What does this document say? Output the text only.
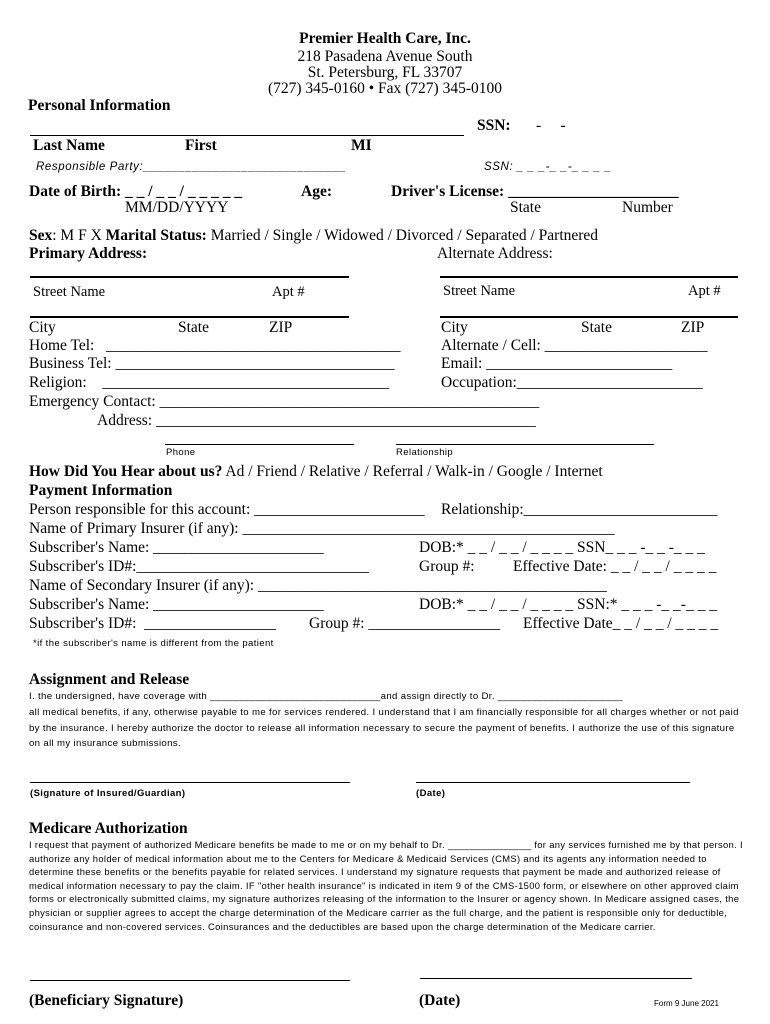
Premier Health Care, Inc.
218 Pasadena Avenue South
St. Petersburg, FL 33707
(727) 345-0160 • Fax (727) 345-0100
Personal Information
SSN: -     -
Last Name	First	MI
Responsible Party:_____________________________	SSN: _ _ _-_ _-_ _ _ _
Date of Birth: _ _ / _ _ / _ _ _ _ _
MM/DD/YYYY
Age:	Driver's License: ______________________
State	Number
Sex: M F X Marital Status: Married / Single / Widowed / Divorced / Separated / Partnered
Primary Address:	Alternate Address:
Street Name	Apt #	Street Name	Apt #
City	State	ZIP	City	State	ZIP
Home Tel:   ______________________________________	Alternate / Cell: _____________________
Business Tel: ____________________________________	Email: ________________________
Religion:    _____________________________________	Occupation:________________________
Emergency Contact: _________________________________________________
Address: _________________________________________________
Phone	Relationship
How Did You Hear about us? Ad / Friend / Relative / Referral / Walk-in / Google / Internet
Payment Information
Person responsible for this account: ______________________ Relationship:_________________________
Name of Primary Insurer (if any): ________________________________________________
Subscriber's Name: ______________________	DOB:* _ _ / _ _ / _ _ _ _ SSN_ _ _ -_ _ -_ _ _
Subscriber's ID#:______________________________	Group #: Effective Date: _ _ / _ _ / _ _ _ _
Name of Secondary Insurer (if any): _____________________________________________
Subscriber's Name: ______________________	DOB:* _ _ / _ _ / _ _ _ _ SSN:* _ _ _ -_ _-_ _ _
Subscriber's ID#:  _________________ Group #: _________________ Effective Date_ _ / _ _ / _ _ _ _
*if the subscriber's name is different from the patient
Assignment and Release
I. the undersigned, have coverage with ______________________________and assign directly to Dr. ______________________
all medical benefits, if any, otherwise payable to me for services rendered. I understand that I am financially responsible for all charges whether or not paid by the insurance. I hereby authorize the doctor to release all information necessary to secure the payment of benefits. I authorize the use of this signature on all my insurance submissions.
(Signature of Insured/Guardian)	(Date)
Medicare Authorization
I request that payment of authorized Medicare benefits be made to me or on my behalf to Dr. _______________ for any services furnished me by that person. I authorize any holder of medical information about me to the Centers for Medicare & Medicaid Services (CMS) and its agents any information needed to determine these benefits or the benefits payable for related services. I understand my signature requests that payment be made and authorized release of medical information necessary to pay the claim. IF "other health insurance" is indicated in item 9 of the CMS-1500 form, or elsewhere on other approved claim forms or electronically submitted claims, my signature authorizes releasing of the information to the Insurer or agency shown. In Medicare assigned cases, the physician or supplier agrees to accept the charge determination of the Medicare carrier as the full charge, and the patient is responsible only for deductible, coinsurance and non-covered services. Coinsurances and the deductibles are based upon the charge determination of the Medicare carrier.
(Beneficiary Signature)	(Date)	Form 9 June 2021
